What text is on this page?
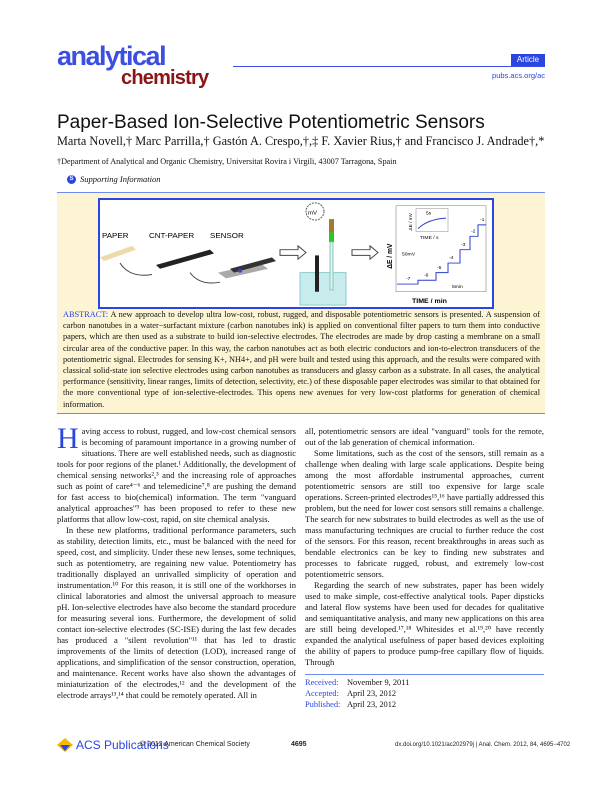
analytical
chemistry
Article
pubs.acs.org/ac
Paper-Based Ion-Selective Potentiometric Sensors
Marta Novell,† Marc Parrilla,† Gastón A. Crespo,†,‡ F. Xavier Rius,† and Francisco J. Andrade†,*
†Department of Analytical and Organic Chemistry, Universitat Rovira i Virgili, 43007 Tarragona, Spain
S Supporting Information
PAPER	CNT-PAPER SENSOR
mV
ΔE / mV
TIME / min
-7
-6
-5
-4
-3
-2
-1
50mV
5min
TIME / s
5s
ΔE / mV
ABSTRACT: A new approach to develop ultra low-cost, robust, rugged, and disposable potentiometric sensors is presented. A suspension of carbon nanotubes in a water−surfactant mixture (carbon nanotubes ink) is applied on conventional filter papers to turn them into conductive papers, which are then used as a substrate to build ion-selective electrodes. The electrodes are made by drop casting a membrane on a small circular area of the conductive paper. In this way, the carbon nanotubes act as both electric conductors and ion-to-electron transducers of the potentiometric signal. Electrodes for sensing K+, NH4+, and pH were built and tested using this approach, and the results were compared with classical solid-state ion selective electrodes using carbon nanotubes as transducers and glassy carbon as a substrate. In all cases, the analytical performance (sensitivity, linear ranges, limits of detection, selectivity, etc.) of these disposable paper electrodes was similar to that obtained for the more conventional type of ion-selective-electrodes. This opens new avenues for very low-cost platforms for generation of chemical information.

Having access to robust, rugged, and low-cost chemical sensors is becoming of paramount importance in a growing number of situations. There are well established needs, such as diagnostic tools for poor regions of the planet.¹ Additionally, the development of chemical sensing networks²,³ and the increasing role of approaches such as point of care⁴⁻⁶ and telemedicine⁷,⁸ are pushing the demand for fast access to bio(chemical) information. The term "vanguard analytical approaches"⁹ has been proposed to refer to these new platforms that allow low-cost, rapid, on site chemical analysis.

In these new platforms, traditional performance parameters, such as stability, detection limits, etc., must be balanced with the need for speed, cost, and simplicity. Under these new lenses, some techniques, such as potentiometry, are regaining new value. Potentiometry has traditionally displayed an unrivalled simplicity of operation and instrumentation.¹⁰ For this reason, it is still one of the workhorses in clinical laboratories and almost the universal approach to measure pH. Ion-selective electrodes have also become the standard procedure for measuring several ions. Furthermore, the development of solid contact ion-selective electrodes (SC-ISE) during the last few decades has produced a "silent revolution"¹¹ that has led to drastic improvements of the limits of detection (LOD), increased range of applications, and simplification of the sensor construction, operation, and maintenance. Recent works have also shown the advantages of miniaturization of the electrodes,¹² and the development of the electrode arrays¹³,¹⁴ that could be remotely operated. All in

all, potentiometric sensors are ideal "vanguard" tools for the remote, out of the lab generation of chemical information.

Some limitations, such as the cost of the sensors, still remain as a challenge when dealing with large scale applications. Despite being among the most affordable instrumental approaches, current potentiometric sensors are still too expensive for large scale operations. Screen-printed electrodes¹⁵,¹⁶ have partially addressed this problem, but the need for lower cost sensors still remains a challenge. The search for new substrates to build electrodes as well as the use of mass manufacturing techniques are crucial to further reduce the cost of the sensors. For this reason, recent breakthroughs in areas such as bendable electronics can be key to finding new substrates and processes to fabricate rugged, robust, and extremely low-cost potentiometric sensors.

Regarding the search of new substrates, paper has been widely used to make simple, cost-effective analytical tools. Paper dipsticks and lateral flow systems have been used for decades for qualitative and semiquantitative analysis, and many new applications on this area are still being developed.¹⁷,¹⁸ Whitesides et al.¹⁹,²⁰ have recently expanded the analytical usefulness of paper based devices exploiting the ability of papers to produce pump-free capillary flow of liquids. Through

Received: November 9, 2011
Accepted: April 23, 2012
Published: April 23, 2012
ACS Publications
© 2012 American Chemical Society	4695	dx.doi.org/10.1021/ac202979j | Anal. Chem. 2012, 84, 4695−4702
